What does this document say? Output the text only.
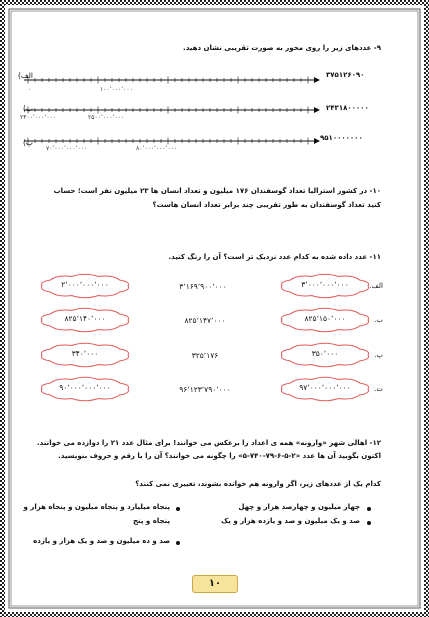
۹- عددهای زیر را روی محور به صورت تقریبی نشان دهید.
الف)	۳۷۵۱۲۶۰۹۰
۰	۱۰۰٬۰۰۰٬۰۰۰
ب)	۲۴۳۱۸۰۰۰۰۰
۲۴۰۰٬۰۰۰٬۰۰۰	۲۵۰۰٬۰۰۰٬۰۰۰
پ)	۹۵۱۰۰۰۰۰۰۰
۷۰٬۰۰۰٬۰۰۰٬۰۰۰	۸۰٬۰۰۰٬۰۰۰٬۰۰۰
۱۰- در کشور استرالیا تعداد گوسفندان ۱۷۶ میلیون و تعداد انسان ها ۲۳ میلیون نفر است؛ حساب کنید تعداد گوسفندان به طور تقریبی چند برابر تعداد انسان هاست؟
۱۱- عدد داده شده به کدام عدد نزدیک تر است؟ آن را رنگ کنید.
الف.
۳٬۰۰۰٬۰۰۰٬۰۰۰
۳٬۱۶۹٬۹۰۰٬۰۰۰
۲٬۰۰۰٬۰۰۰٬۰۰۰
ب.
۸۲۵٬۱۵۰٬۰۰۰
۸۲۵٬۱۴۷٬۰۰۰
۸۲۵٬۱۴۰٬۰۰۰
پ.
۳۵۰٬۰۰۰
۳۲۵٬۱۷۶
۳۴۰٬۰۰۰
ت.
۹۷٬۰۰۰٬۰۰۰٬۰۰۰
۹۶٬۱۲۳٬۷۹۰٬۰۰۰
۹۰٬۰۰۰٬۰۰۰٬۰۰۰
۱۲- اهالی شهر «وارونه» همه ی اعداد را برعکس می خوانند! برای مثال عدد ۲۱ را دوازده می خوانند. اکنون بگویید آن ها عدد «۲-۵-۶-۷۹-۷۴۰-۵» را چگونه می خوانند؟ آن را با رقم و حروف بنویسید.
کدام یک از عددهای زیر، اگر وارونه هم خوانده بشوند، تغییری نمی کنند؟
چهار میلیون و چهارصد هزار و چهل
پنجاه میلیارد و پنجاه میلیون و پنجاه هزار و پنجاه و پنج	صد و یک میلیون و صد و یازده هزار و یک
صد و ده میلیون و صد و یک هزار و یازده
۱۰
